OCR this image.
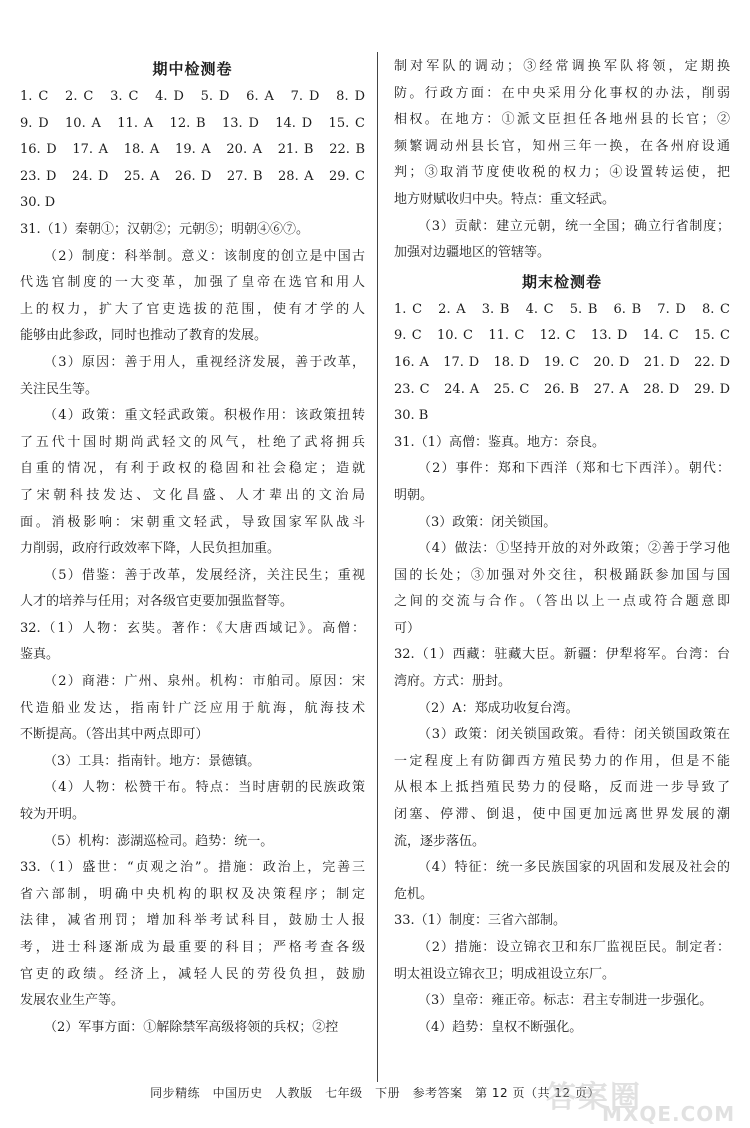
期中检测卷
1. C　2. C　3. C　4. D　5. D　6. A　7. D　8. D
9. D　10. A　11. A　12. B　13. D　14. D　15. C
16. D　17. A　18. A　19. A　20. A　21. B　22. B
23. D　24. D　25. A　26. D　27. B　28. A　29. C
30. D
31.（1）秦朝①；汉朝②；元朝⑤；明朝④⑥⑦。
（2）制度：科举制。意义：该制度的创立是中国古
代选官制度的一大变革，加强了皇帝在选官和用人
上的权力，扩大了官吏选拔的范围，使有才学的人
能够由此参政，同时也推动了教育的发展。
（3）原因：善于用人，重视经济发展，善于改革，
关注民生等。
（4）政策：重文轻武政策。积极作用：该政策扭转
了五代十国时期尚武轻文的风气，杜绝了武将拥兵
自重的情况，有利于政权的稳固和社会稳定；造就
了宋朝科技发达、文化昌盛、人才辈出的文治局
面。消极影响：宋朝重文轻武，导致国家军队战斗
力削弱，政府行政效率下降，人民负担加重。
（5）借鉴：善于改革，发展经济，关注民生；重视
人才的培养与任用；对各级官吏要加强监督等。
32.（1）人物：玄奘。著作：《大唐西域记》。高僧：
鉴真。
（2）商港：广州、泉州。机构：市舶司。原因：宋
代造船业发达，指南针广泛应用于航海，航海技术
不断提高。（答出其中两点即可）
（3）工具：指南针。地方：景德镇。
（4）人物：松赞干布。特点：当时唐朝的民族政策
较为开明。
（5）机构：澎湖巡检司。趋势：统一。
33.（1）盛世：“贞观之治”。措施：政治上，完善三
省六部制，明确中央机构的职权及决策程序；制定
法律，减省刑罚；增加科举考试科目，鼓励士人报
考，进士科逐渐成为最重要的科目；严格考查各级
官吏的政绩。经济上，减轻人民的劳役负担，鼓励
发展农业生产等。
（2）军事方面：①解除禁军高级将领的兵权；②控
制对军队的调动；③经常调换军队将领，定期换
防。行政方面：在中央采用分化事权的办法，削弱
相权。在地方：①派文臣担任各地州县的长官；②
频繁调动州县长官，知州三年一换，在各州府设通
判；③取消节度使收税的权力；④设置转运使，把
地方财赋收归中央。特点：重文轻武。
（3）贡献：建立元朝，统一全国；确立行省制度；
加强对边疆地区的管辖等。
期末检测卷
1. C　2. A　3. B　4. C　5. B　6. B　7. D　8. C
9. C　10. C　11. C　12. C　13. D　14. C　15. C
16. A　17. D　18. D　19. C　20. D　21. D　22. D
23. C　24. A　25. C　26. B　27. A　28. D　29. D
30. B
31.（1）高僧：鉴真。地方：奈良。
（2）事件：郑和下西洋（郑和七下西洋）。朝代：
明朝。
（3）政策：闭关锁国。
（4）做法：①坚持开放的对外政策；②善于学习他
国的长处；③加强对外交往，积极踊跃参加国与国
之间的交流与合作。（答出以上一点或符合题意即
可）
32.（1）西藏：驻藏大臣。新疆：伊犁将军。台湾：台
湾府。方式：册封。
（2）A：郑成功收复台湾。
（3）政策：闭关锁国政策。看待：闭关锁国政策在
一定程度上有防御西方殖民势力的作用，但是不能
从根本上抵挡殖民势力的侵略，反而进一步导致了
闭塞、停滞、倒退，使中国更加远离世界发展的潮
流，逐步落伍。
（4）特征：统一多民族国家的巩固和发展及社会的
危机。
33.（1）制度：三省六部制。
（2）措施：设立锦衣卫和东厂监视臣民。制定者：
明太祖设立锦衣卫；明成祖设立东厂。
（3）皇帝：雍正帝。标志：君主专制进一步强化。
（4）趋势：皇权不断强化。
同步精练　中国历史　人教版　七年级　下册　参考答案　第 12 页（共 12 页）
答案圈
MXQE.COM
